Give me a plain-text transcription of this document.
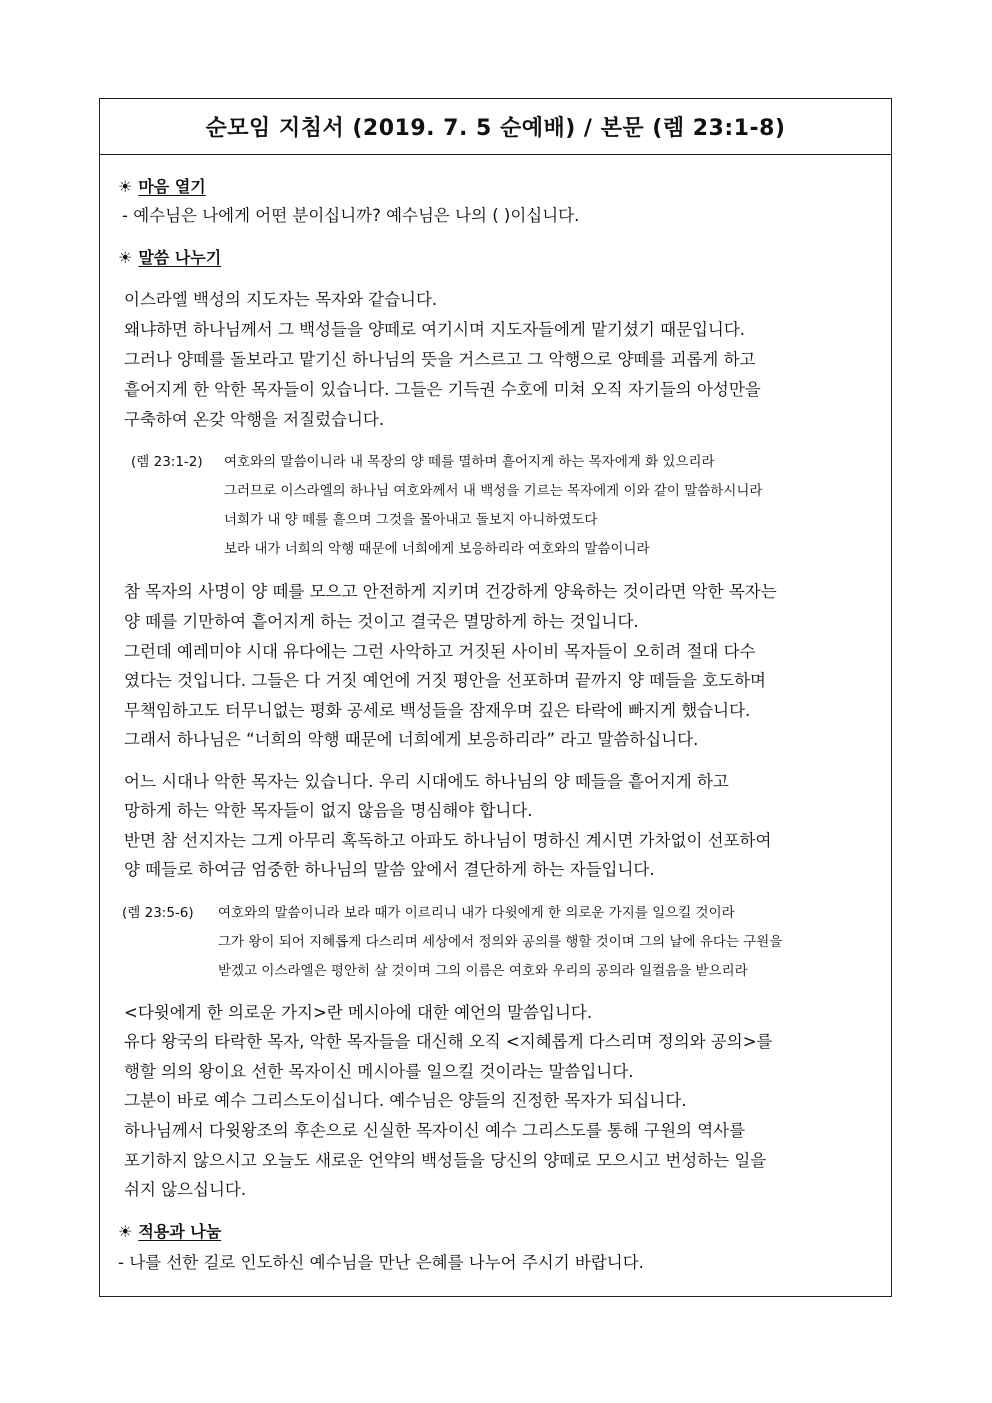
순모임 지침서 (2019. 7. 5 순예배) / 본문 (렘 23:1-8)
☀ 마음 열기
- 예수님은 나에게 어떤 분이십니까? 예수님은 나의 ( )이십니다.
☀ 말씀 나누기
이스라엘 백성의 지도자는 목자와 같습니다.
왜냐하면 하나님께서 그 백성들을 양떼로 여기시며 지도자들에게 맡기셨기 때문입니다.
그러나 양떼를 돌보라고 맡기신 하나님의 뜻을 거스르고 그 악행으로 양떼를 괴롭게 하고
흩어지게 한 악한 목자들이 있습니다. 그들은 기득권 수호에 미쳐 오직 자기들의 아성만을
구축하여 온갖 악행을 저질렀습니다.
(렘 23:1-2) 여호와의 말씀이니라 내 목장의 양 떼를 멸하며 흩어지게 하는 목자에게 화 있으리라
그러므로 이스라엘의 하나님 여호와께서 내 백성을 기르는 목자에게 이와 같이 말씀하시니라
너희가 내 양 떼를 흩으며 그것을 몰아내고 돌보지 아니하였도다
보라 내가 너희의 악행 때문에 너희에게 보응하리라 여호와의 말씀이니라
참 목자의 사명이 양 떼를 모으고 안전하게 지키며 건강하게 양육하는 것이라면 악한 목자는
양 떼를 기만하여 흩어지게 하는 것이고 결국은 멸망하게 하는 것입니다.
그런데 예레미야 시대 유다에는 그런 사악하고 거짓된 사이비 목자들이 오히려 절대 다수
였다는 것입니다. 그들은 다 거짓 예언에 거짓 평안을 선포하며 끝까지 양 떼들을 호도하며
무책임하고도 터무니없는 평화 공세로 백성들을 잠재우며 깊은 타락에 빠지게 했습니다.
그래서 하나님은 “너희의 악행 때문에 너희에게 보응하리라” 라고 말씀하십니다.
어느 시대나 악한 목자는 있습니다. 우리 시대에도 하나님의 양 떼들을 흩어지게 하고
망하게 하는 악한 목자들이 없지 않음을 명심해야 합니다.
반면 참 선지자는 그게 아무리 혹독하고 아파도 하나님이 명하신 계시면 가차없이 선포하여
양 떼들로 하여금 엄중한 하나님의 말씀 앞에서 결단하게 하는 자들입니다.
(렘 23:5-6) 여호와의 말씀이니라 보라 때가 이르리니 내가 다윗에게 한 의로운 가지를 일으킬 것이라
그가 왕이 되어 지혜롭게 다스리며 세상에서 정의와 공의를 행할 것이며 그의 날에 유다는 구원을
받겠고 이스라엘은 평안히 살 것이며 그의 이름은 여호와 우리의 공의라 일컬음을 받으리라
<다윗에게 한 의로운 가지>란 메시아에 대한 예언의 말씀입니다.
유다 왕국의 타락한 목자, 악한 목자들을 대신해 오직 <지혜롭게 다스리며 정의와 공의>를
행할 의의 왕이요 선한 목자이신 메시아를 일으킬 것이라는 말씀입니다.
그분이 바로 예수 그리스도이십니다. 예수님은 양들의 진정한 목자가 되십니다.
하나님께서 다윗왕조의 후손으로 신실한 목자이신 예수 그리스도를 통해 구원의 역사를
포기하지 않으시고 오늘도 새로운 언약의 백성들을 당신의 양떼로 모으시고 번성하는 일을
쉬지 않으십니다.
☀ 적용과 나눔
- 나를 선한 길로 인도하신 예수님을 만난 은혜를 나누어 주시기 바랍니다.
